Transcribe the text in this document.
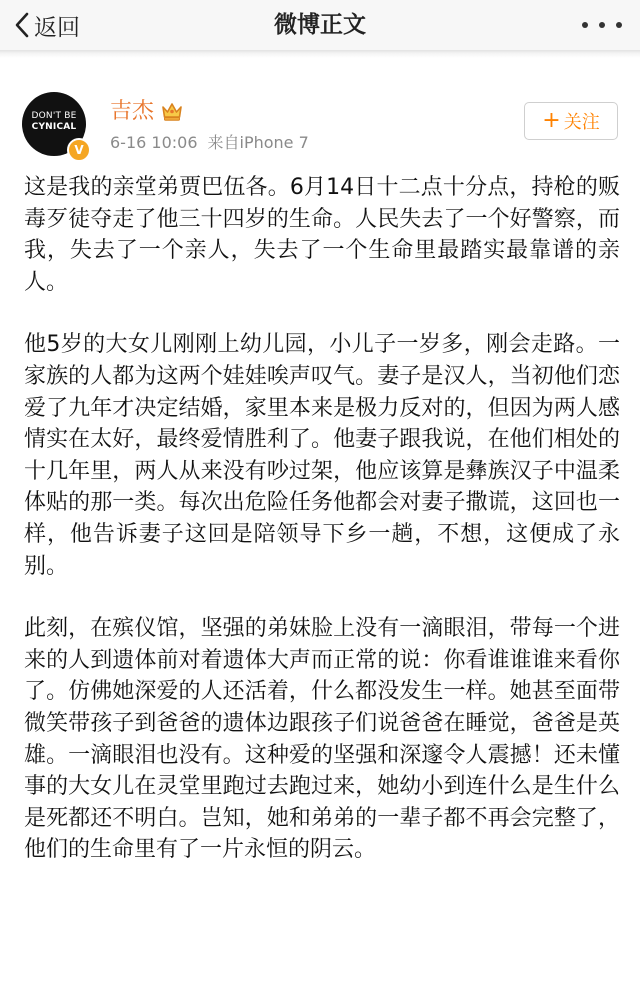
返回	微博正文
DON'T BE
CYNICAL
V
吉杰
6-16 10:06 来自iPhone 7
+ 关注

这是我的亲堂弟贾巴伍各。6月14日十二点十分点，持枪的贩毒歹徒夺走了他三十四岁的生命。人民失去了一个好警察，而我，失去了一个亲人，失去了一个生命里最踏实最靠谱的亲人。

他5岁的大女儿刚刚上幼儿园，小儿子一岁多，刚会走路。一家族的人都为这两个娃娃唉声叹气。妻子是汉人，当初他们恋爱了九年才决定结婚，家里本来是极力反对的，但因为两人感情实在太好，最终爱情胜利了。他妻子跟我说，在他们相处的十几年里，两人从来没有吵过架，他应该算是彝族汉子中温柔体贴的那一类。每次出危险任务他都会对妻子撒谎，这回也一样，他告诉妻子这回是陪领导下乡一趟，不想，这便成了永别。

此刻，在殡仪馆，坚强的弟妹脸上没有一滴眼泪，带每一个进来的人到遗体前对着遗体大声而正常的说：你看谁谁谁来看你了。仿佛她深爱的人还活着，什么都没发生一样。她甚至面带微笑带孩子到爸爸的遗体边跟孩子们说爸爸在睡觉，爸爸是英雄。一滴眼泪也没有。这种爱的坚强和深邃令人震撼！还未懂事的大女儿在灵堂里跑过去跑过来，她幼小到连什么是生什么是死都还不明白。岂知，她和弟弟的一辈子都不再会完整了，他们的生命里有了一片永恒的阴云。
